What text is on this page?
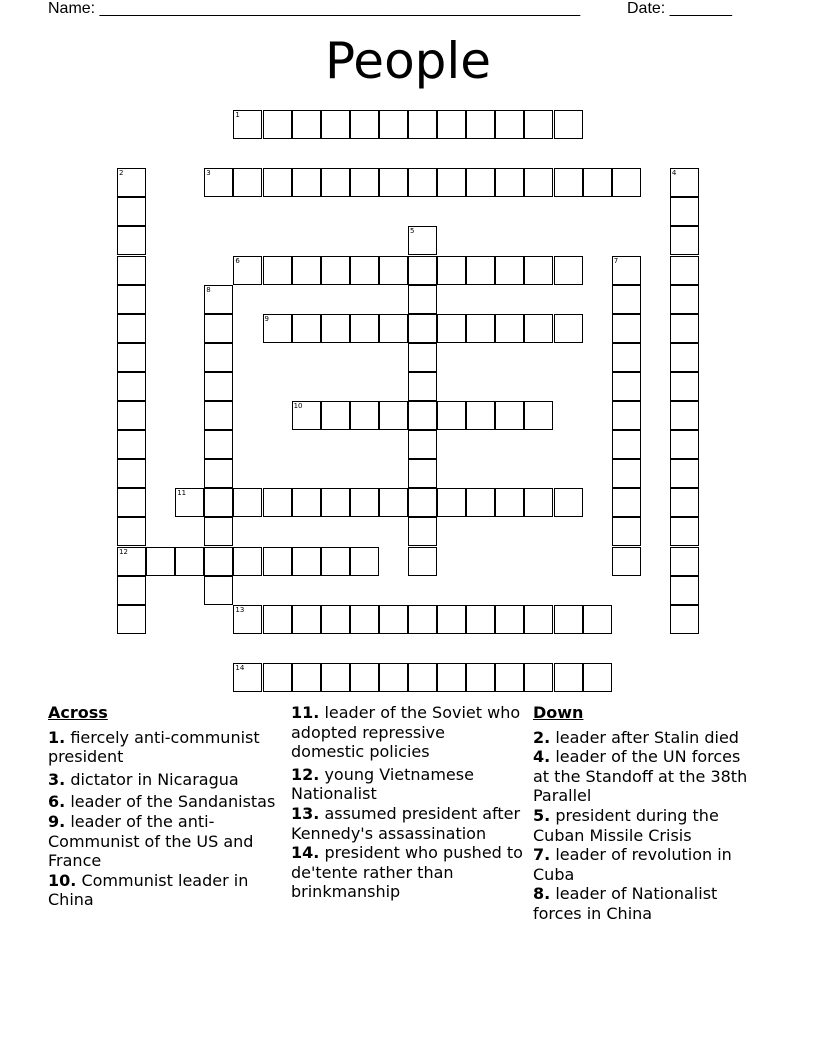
Name: ______________________________________________________	Date: _______
People
1
2
12
3	4
5
6	7
8
9
10
11
13
14
Across
1. fiercely anti-communist president
3. dictator in Nicaragua
6. leader of the Sandanistas
9. leader of the anti-Communist of the US and France
10. Communist leader in China
11. leader of the Soviet who adopted repressive domestic policies
12. young Vietnamese Nationalist
13. assumed president after Kennedy's assassination
14. president who pushed to de'tente rather than brinkmanship
Down
2. leader after Stalin died
4. leader of the UN forces at the Standoff at the 38th Parallel
5. president during the Cuban Missile Crisis
7. leader of revolution in Cuba
8. leader of Nationalist forces in China
